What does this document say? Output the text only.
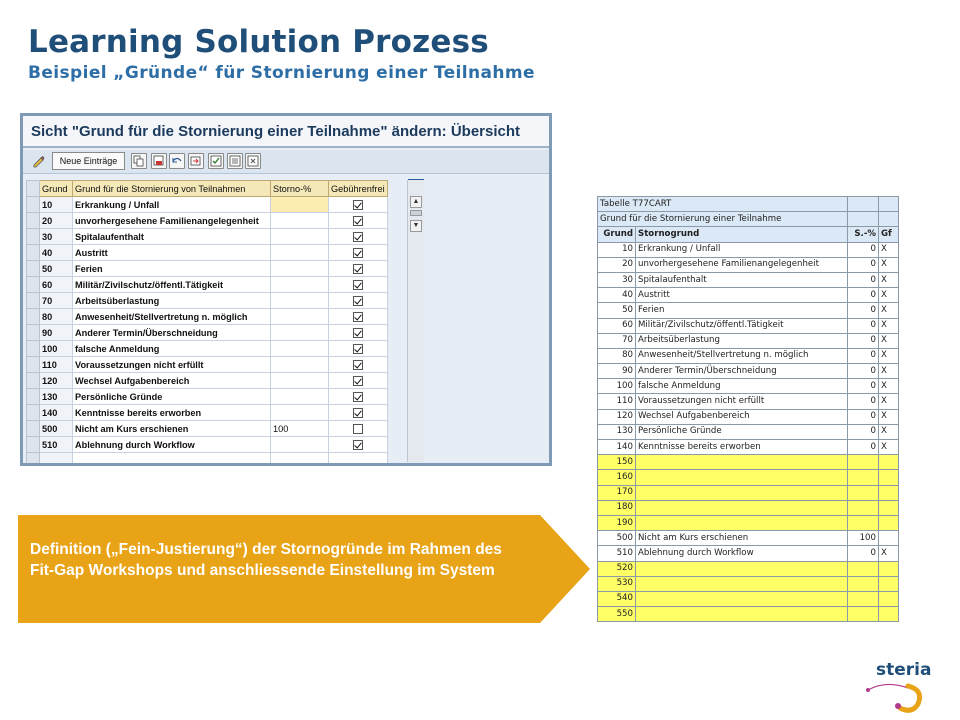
Learning Solution Prozess
Beispiel „Gründe“ für Stornierung einer Teilnahme
Sicht "Grund für die Stornierung einer Teilnahme" ändern: Übersicht
Neue Einträge
	Grund	Grund für die Stornierung von Teilnahmen	Storno-%	Gebührenfrei
	10	Erkrankung / Unfall		
	20	unvorhergesehene Familienangelegenheit		
	30	Spitalaufenthalt		
	40	Austritt		
	50	Ferien		
	60	Militär/Zivilschutz/öffentl.Tätigkeit		
	70	Arbeitsüberlastung		
	80	Anwesenheit/Stellvertretung n. möglich		
	90	Anderer Termin/Überschneidung		
	100	falsche Anmeldung		
	110	Voraussetzungen nicht erfüllt		
	120	Wechsel Aufgabenbereich		
	130	Persönliche Gründe		
	140	Kenntnisse bereits erworben		
	500	Nicht am Kurs erschienen	100	
	510	Ablehnung durch Workflow		

▲
▼
Definition („Fein-Justierung“) der Stornogründe im Rahmen des Fit-Gap Workshops und anschliessende Einstellung im System
Tabelle T77CART			
Grund für die Stornierung einer Teilnahme			
Grund	Stornogrund	S.-%	Gf
10	Erkrankung / Unfall	0	X
20	unvorhergesehene Familienangelegenheit	0	X
30	Spitalaufenthalt	0	X
40	Austritt	0	X
50	Ferien	0	X
60	Militär/Zivilschutz/öffentl.Tätigkeit	0	X
70	Arbeitsüberlastung	0	X
80	Anwesenheit/Stellvertretung n. möglich	0	X
90	Anderer Termin/Überschneidung	0	X
100	falsche Anmeldung	0	X
110	Voraussetzungen nicht erfüllt	0	X
120	Wechsel Aufgabenbereich	0	X
130	Persönliche Gründe	0	X
140	Kenntnisse bereits erworben	0	X
150			
160			
170			
180			
190			
500	Nicht am Kurs erschienen	100	
510	Ablehnung durch Workflow	0	X
520			
530			
540			
550			
steria
